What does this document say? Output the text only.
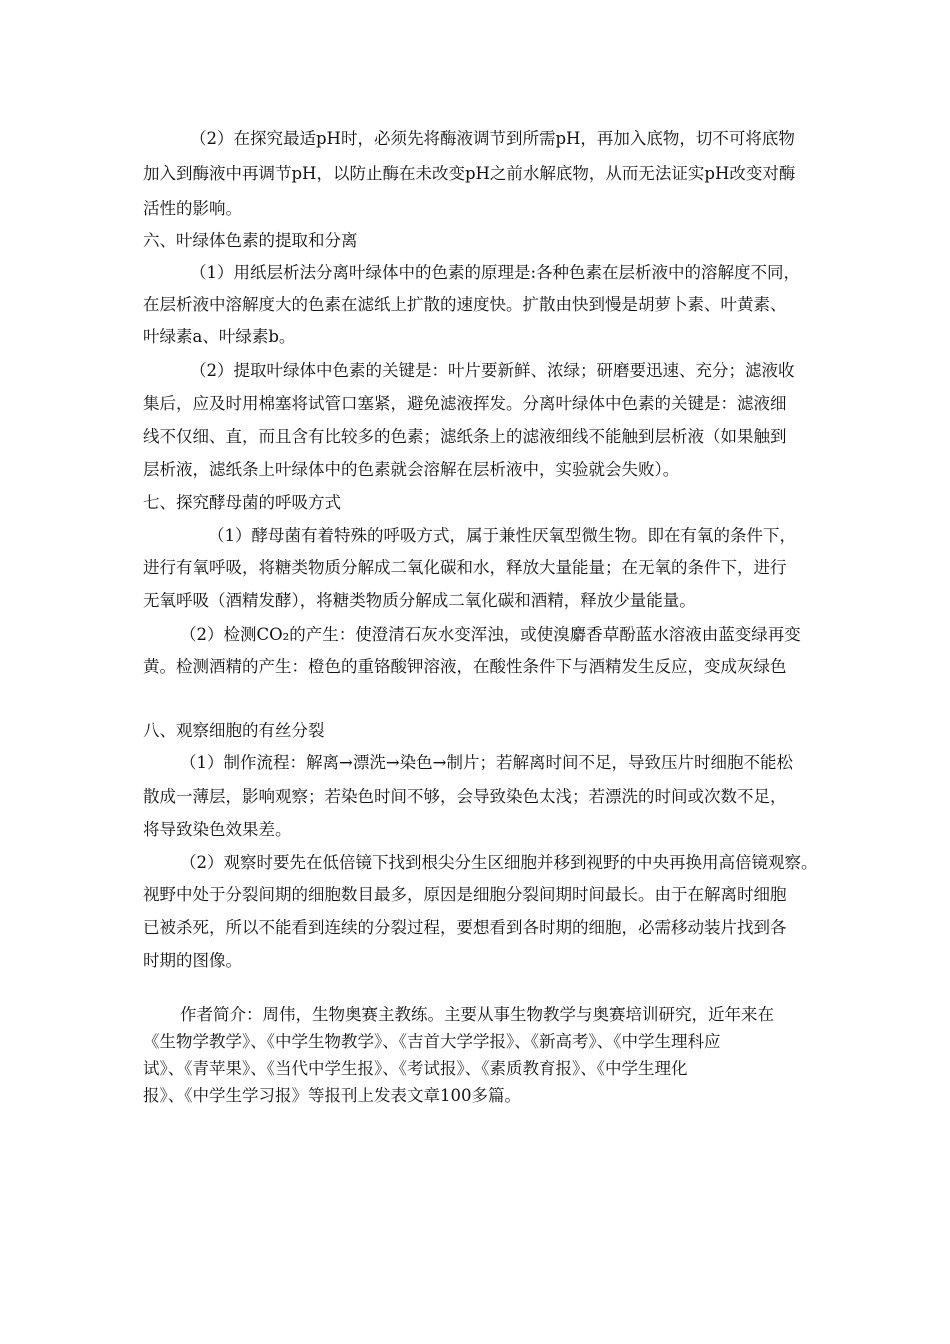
（2）在探究最适pH时，必须先将酶液调节到所需pH，再加入底物，切不可将底物
加入到酶液中再调节pH，以防止酶在未改变pH之前水解底物，从而无法证实pH改变对酶
活性的影响。
六、叶绿体色素的提取和分离
（1）用纸层析法分离叶绿体中的色素的原理是:各种色素在层析液中的溶解度不同，
在层析液中溶解度大的色素在滤纸上扩散的速度快。扩散由快到慢是胡萝卜素、叶黄素、
叶绿素a、叶绿素b。
（2）提取叶绿体中色素的关键是：叶片要新鲜、浓绿；研磨要迅速、充分；滤液收
集后，应及时用棉塞将试管口塞紧，避免滤液挥发。分离叶绿体中色素的关键是：滤液细
线不仅细、直，而且含有比较多的色素；滤纸条上的滤液细线不能触到层析液（如果触到
层析液，滤纸条上叶绿体中的色素就会溶解在层析液中，实验就会失败）。
七、探究酵母菌的呼吸方式
（1）酵母菌有着特殊的呼吸方式，属于兼性厌氧型微生物。即在有氧的条件下，
进行有氧呼吸，将糖类物质分解成二氧化碳和水，释放大量能量；在无氧的条件下，进行
无氧呼吸（酒精发酵），将糖类物质分解成二氧化碳和酒精，释放少量能量。
（2）检测CO₂的产生：使澄清石灰水变浑浊，或使溴麝香草酚蓝水溶液由蓝变绿再变
黄。检测酒精的产生：橙色的重铬酸钾溶液，在酸性条件下与酒精发生反应，变成灰绿色
八、观察细胞的有丝分裂
（1）制作流程：解离→漂洗→染色→制片；若解离时间不足，导致压片时细胞不能松
散成一薄层，影响观察；若染色时间不够，会导致染色太浅；若漂洗的时间或次数不足，
将导致染色效果差。
（2）观察时要先在低倍镜下找到根尖分生区细胞并移到视野的中央再换用高倍镜观察。
视野中处于分裂间期的细胞数目最多，原因是细胞分裂间期时间最长。由于在解离时细胞
已被杀死，所以不能看到连续的分裂过程，要想看到各时期的细胞，必需移动装片找到各
时期的图像。
作者简介：周伟，生物奥赛主教练。主要从事生物教学与奥赛培训研究，近年来在
《生物学教学》、《中学生物教学》、《吉首大学学报》、《新高考》、《中学生理科应
试》、《青苹果》、《当代中学生报》、《考试报》、《素质教育报》、《中学生理化
报》、《中学生学习报》等报刊上发表文章100多篇。
